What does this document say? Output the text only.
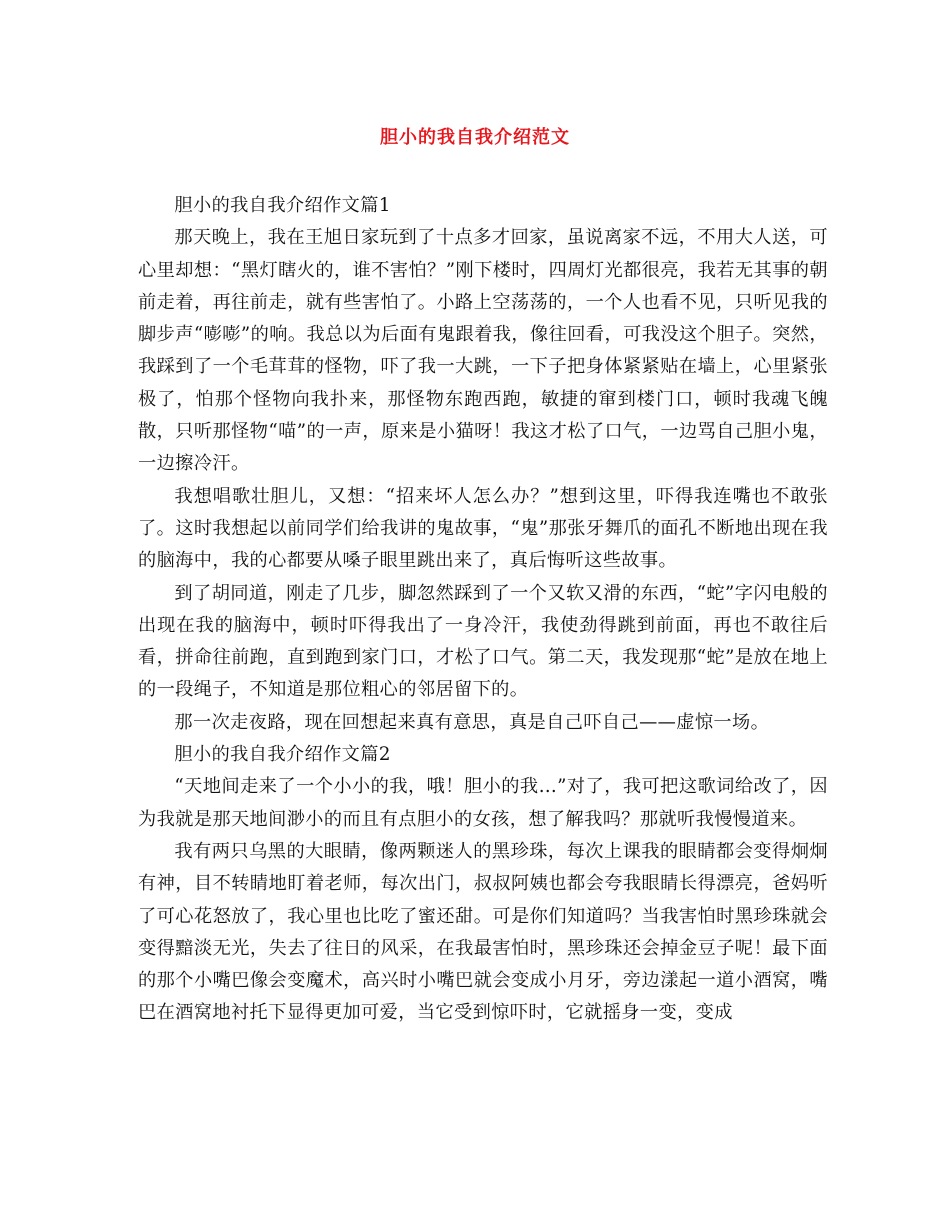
胆小的我自我介绍范文

胆小的我自我介绍作文篇1

那天晚上，我在王旭日家玩到了十点多才回家，虽说离家不远，不用大人送，可心里却想：“黑灯瞎火的，谁不害怕？”刚下楼时，四周灯光都很亮，我若无其事的朝前走着，再往前走，就有些害怕了。小路上空荡荡的，一个人也看不见，只听见我的脚步声“嘭嘭”的响。我总以为后面有鬼跟着我，像往回看，可我没这个胆子。突然，我踩到了一个毛茸茸的怪物，吓了我一大跳，一下子把身体紧紧贴在墙上，心里紧张极了，怕那个怪物向我扑来，那怪物东跑西跑，敏捷的窜到楼门口，顿时我魂飞魄散，只听那怪物“喵”的一声，原来是小猫呀！我这才松了口气，一边骂自己胆小鬼，一边擦冷汗。

我想唱歌壮胆儿，又想：“招来坏人怎么办？”想到这里，吓得我连嘴也不敢张了。这时我想起以前同学们给我讲的鬼故事，“鬼”那张牙舞爪的面孔不断地出现在我的脑海中，我的心都要从嗓子眼里跳出来了，真后悔听这些故事。

到了胡同道，刚走了几步，脚忽然踩到了一个又软又滑的东西，“蛇”字闪电般的出现在我的脑海中，顿时吓得我出了一身冷汗，我使劲得跳到前面，再也不敢往后看，拼命往前跑，直到跑到家门口，才松了口气。第二天，我发现那“蛇”是放在地上的一段绳子，不知道是那位粗心的邻居留下的。

那一次走夜路，现在回想起来真有意思，真是自己吓自己——虚惊一场。

胆小的我自我介绍作文篇2

“天地间走来了一个小小的我，哦！胆小的我…”对了，我可把这歌词给改了，因为我就是那天地间渺小的而且有点胆小的女孩，想了解我吗？那就听我慢慢道来。

我有两只乌黑的大眼睛，像两颗迷人的黑珍珠，每次上课我的眼睛都会变得炯炯有神，目不转睛地盯着老师，每次出门，叔叔阿姨也都会夸我眼睛长得漂亮，爸妈听了可心花怒放了，我心里也比吃了蜜还甜。可是你们知道吗？当我害怕时黑珍珠就会变得黯淡无光，失去了往日的风采，在我最害怕时，黑珍珠还会掉金豆子呢！最下面的那个小嘴巴像会变魔术，高兴时小嘴巴就会变成小月牙，旁边漾起一道小酒窝，嘴巴在酒窝地衬托下显得更加可爱，当它受到惊吓时，它就摇身一变，变成
